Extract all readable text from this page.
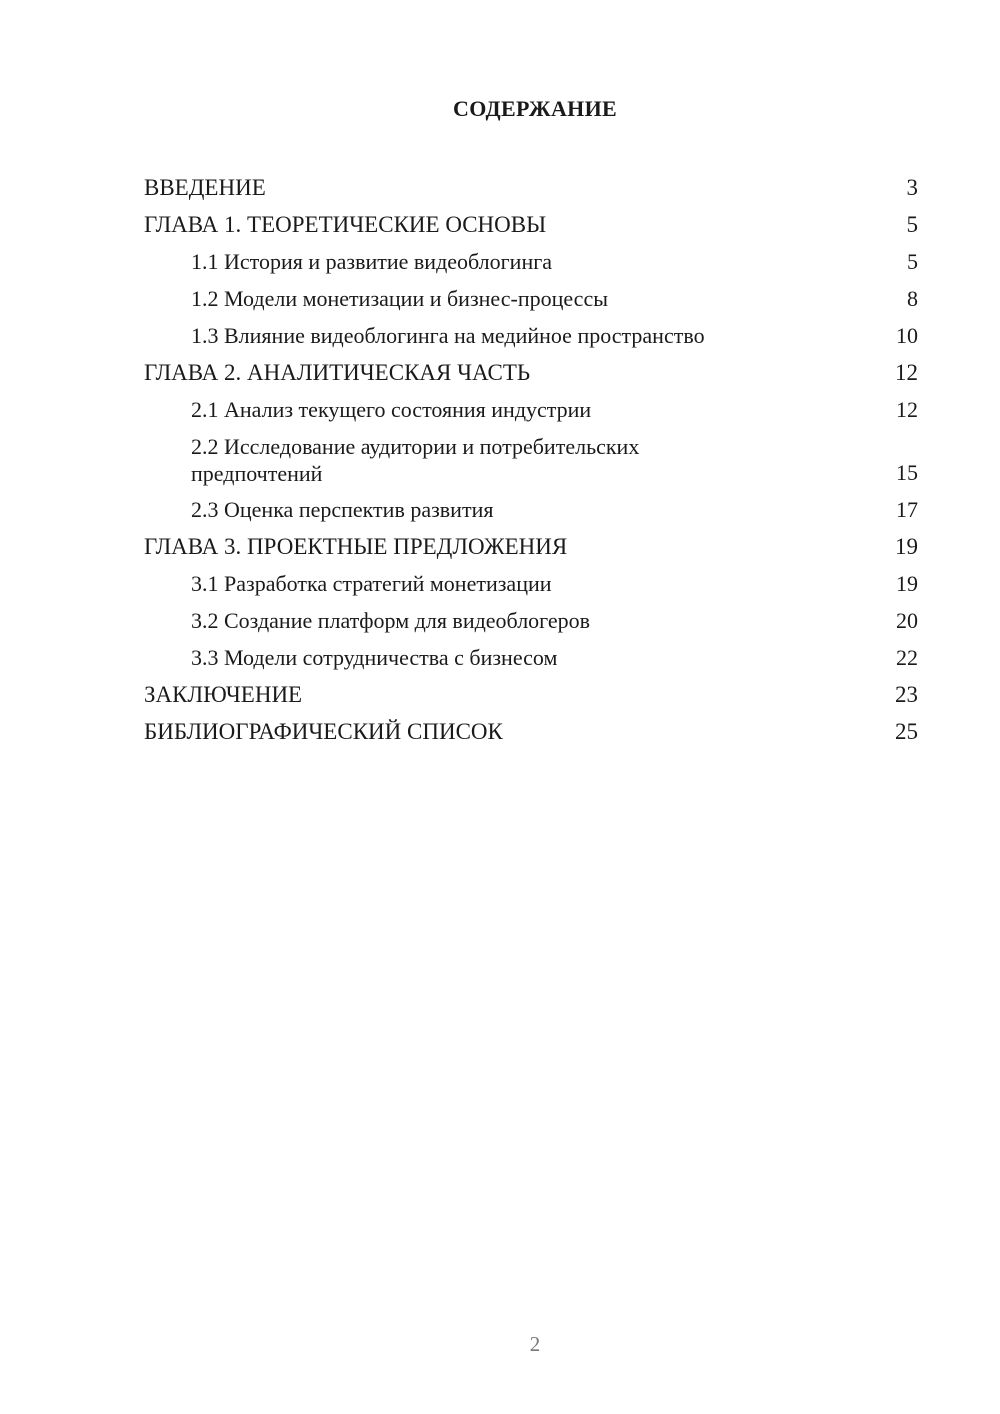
СОДЕРЖАНИЕ
ВВЕДЕНИЕ	3
ГЛАВА 1. ТЕОРЕТИЧЕСКИЕ ОСНОВЫ	5
1.1 История и развитие видеоблогинга	5
1.2 Модели монетизации и бизнес-процессы	8
1.3 Влияние видеоблогинга на медийное пространство	10
ГЛАВА 2. АНАЛИТИЧЕСКАЯ ЧАСТЬ	12
2.1 Анализ текущего состояния индустрии	12
2.2 Исследование аудитории и потребительских предпочтений	15
2.3 Оценка перспектив развития	17
ГЛАВА 3. ПРОЕКТНЫЕ ПРЕДЛОЖЕНИЯ	19
3.1 Разработка стратегий монетизации	19
3.2 Создание платформ для видеоблогеров	20
3.3 Модели сотрудничества с бизнесом	22
ЗАКЛЮЧЕНИЕ	23
БИБЛИОГРАФИЧЕСКИЙ СПИСОК	25
2
